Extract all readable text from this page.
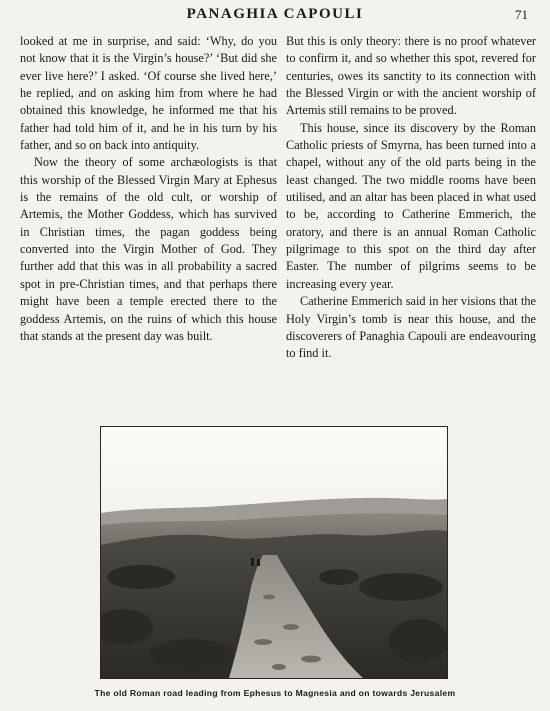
PANAGHIA CAPOULI	71

looked at me in surprise, and said: ‘Why, do you not know that it is the Virgin’s house?’ ‘But did she ever live here?’ I asked. ‘Of course she lived here,’ he replied, and on asking him from where he had obtained this knowledge, he informed me that his father had told him of it, and he in his turn by his father, and so on back into antiquity.

Now the theory of some archæologists is that this worship of the Blessed Virgin Mary at Ephesus is the remains of the old cult, or worship of Artemis, the Mother Goddess, which has survived in Christian times, the pagan goddess being converted into the Virgin Mother of God. They further add that this was in all probability a sacred spot in pre-Christian times, and that perhaps there might have been a temple erected there to the goddess Artemis, on the ruins of which this house that stands at the present day was built.

But this is only theory: there is no proof whatever to confirm it, and so whether this spot, revered for centuries, owes its sanctity to its connection with the Blessed Virgin or with the ancient worship of Artemis still remains to be proved.

This house, since its discovery by the Roman Catholic priests of Smyrna, has been turned into a chapel, without any of the old parts being in the least changed. The two middle rooms have been utilised, and an altar has been placed in what used to be, according to Catherine Emmerich, the oratory, and there is an annual Roman Catholic pilgrimage to this spot on the third day after Easter. The number of pilgrims seems to be increasing every year.

Catherine Emmerich said in her visions that the Holy Virgin’s tomb is near this house, and the discoverers of Panaghia Capouli are endeavouring to find it.

The old Roman road leading from Ephesus to Magnesia and on towards Jerusalem
